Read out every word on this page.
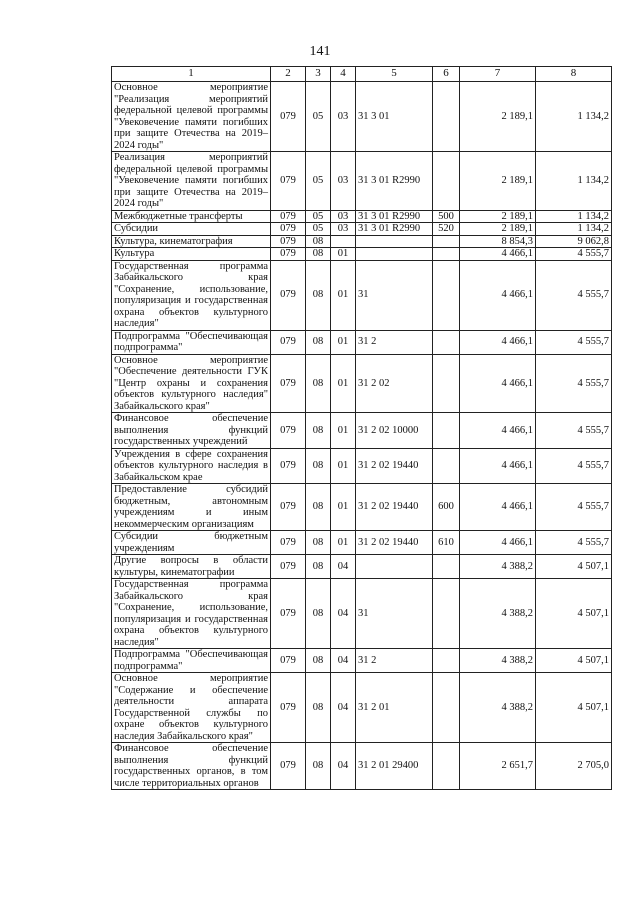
141
1	2	3	4	5	6	7	8
Основное мероприятие "Реализация мероприятий федеральной целевой программы "Увековечение памяти погибших при защите Отечества на 2019–2024 годы"	079	05	03	31 3 01		2 189,1	1 134,2
Реализация мероприятий федеральной целевой программы "Увековечение памяти погибших при защите Отечества на 2019–2024 годы"	079	05	03	31 3 01 R2990		2 189,1	1 134,2
Межбюджетные трансферты	079	05	03	31 3 01 R2990	500	2 189,1	1 134,2
Субсидии	079	05	03	31 3 01 R2990	520	2 189,1	1 134,2
Культура, кинематография	079	08				8 854,3	9 062,8
Культура	079	08	01			4 466,1	4 555,7
Государственная программа Забайкальского края "Сохранение, использование, популяризация и государственная охрана объектов культурного наследия"	079	08	01	31		4 466,1	4 555,7
Подпрограмма "Обеспечивающая подпрограмма"	079	08	01	31 2		4 466,1	4 555,7
Основное мероприятие "Обеспечение деятельности ГУК "Центр охраны и сохранения объектов культурного наследия" Забайкальского края"	079	08	01	31 2 02		4 466,1	4 555,7
Финансовое обеспечение выполнения функций государственных учреждений	079	08	01	31 2 02 10000		4 466,1	4 555,7
Учреждения в сфере сохранения объектов культурного наследия в Забайкальском крае	079	08	01	31 2 02 19440		4 466,1	4 555,7
Предоставление субсидий бюджетным, автономным учреждениям и иным некоммерческим организациям	079	08	01	31 2 02 19440	600	4 466,1	4 555,7
Субсидии бюджетным учреждениям	079	08	01	31 2 02 19440	610	4 466,1	4 555,7
Другие вопросы в области культуры, кинематографии	079	08	04			4 388,2	4 507,1
Государственная программа Забайкальского края "Сохранение, использование, популяризация и государственная охрана объектов культурного наследия"	079	08	04	31		4 388,2	4 507,1
Подпрограмма "Обеспечивающая подпрограмма"	079	08	04	31 2		4 388,2	4 507,1
Основное мероприятие "Содержание и обеспечение деятельности аппарата Государственной службы по охране объектов культурного наследия Забайкальского края"	079	08	04	31 2 01		4 388,2	4 507,1
Финансовое обеспечение выполнения функций государственных органов, в том числе территориальных органов	079	08	04	31 2 01 29400		2 651,7	2 705,0
